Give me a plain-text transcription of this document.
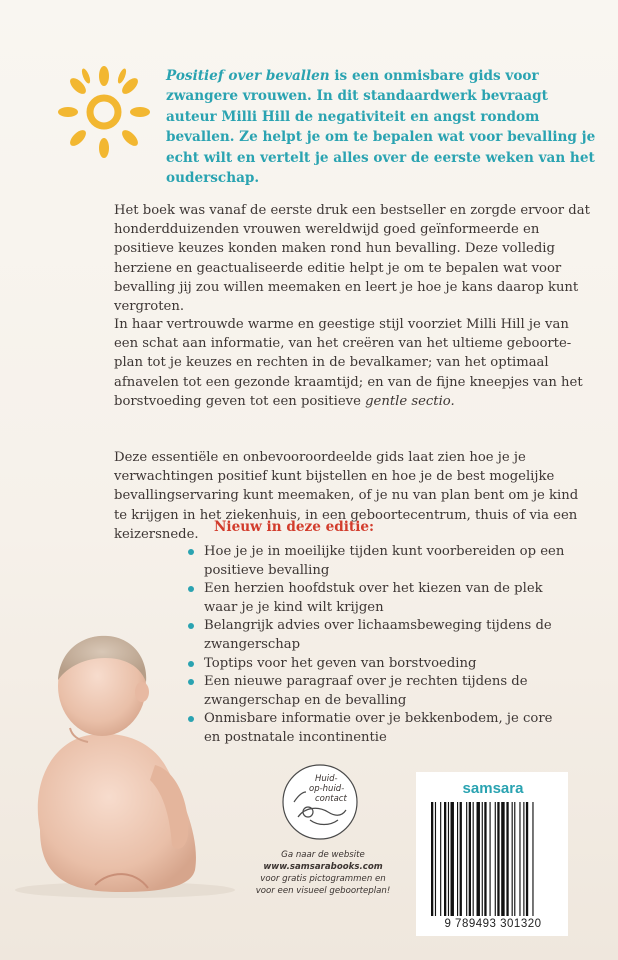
Positief over bevallen is een onmisbare gids voor zwangere vrouwen. In dit standaardwerk bevraagt auteur Milli Hill de negativiteit en angst rondom bevallen. Ze helpt je om te bepalen wat voor bevalling je echt wilt en vertelt je alles over de eerste weken van het ouderschap.
Het boek was vanaf de eerste druk een bestseller en zorgde ervoor dat honderdduizenden vrouwen wereldwijd goed geïnformeerde en positieve keuzes konden maken rond hun bevalling. Deze volledig herziene en geactualiseerde editie helpt je om te bepalen wat voor bevalling jij zou willen meemaken en leert je hoe je kans daarop kunt vergroten.
In haar vertrouwde warme en geestige stijl voorziet Milli Hill je van een schat aan informatie, van het creëren van het ultieme geboorteplan tot je keuzes en rechten in de bevalkamer; van het optimaal afnavelen tot een gezonde kraamtijd; en van de fijne kneepjes van het borstvoeding geven tot een positieve gentle sectio.
Deze essentiële en onbevooroordeelde gids laat zien hoe je je verwachtingen positief kunt bijstellen en hoe je de best mogelijke bevallingservaring kunt meemaken, of je nu van plan bent om je kind te krijgen in het ziekenhuis, in een geboortecentrum, thuis of via een keizersnede.	Nieuw in deze editie:
Hoe je je in moeilijke tijden kunt voorbereiden op een positieve bevalling
Een herzien hoofdstuk over het kiezen van de plek waar je je kind wilt krijgen
Belangrijk advies over lichaamsbeweging tijdens de zwangerschap
Toptips voor het geven van borstvoeding
Een nieuwe paragraaf over je rechten tijdens de zwangerschap en de bevalling
Onmisbare informatie over je bekkenbodem, je core en postnatale incontinentie
Huid-
op-huid-
contact
Ga naar de website
www.samsarabooks.com
voor gratis pictogrammen en
voor een visueel geboorteplan!
samsara
9 789493 301320
